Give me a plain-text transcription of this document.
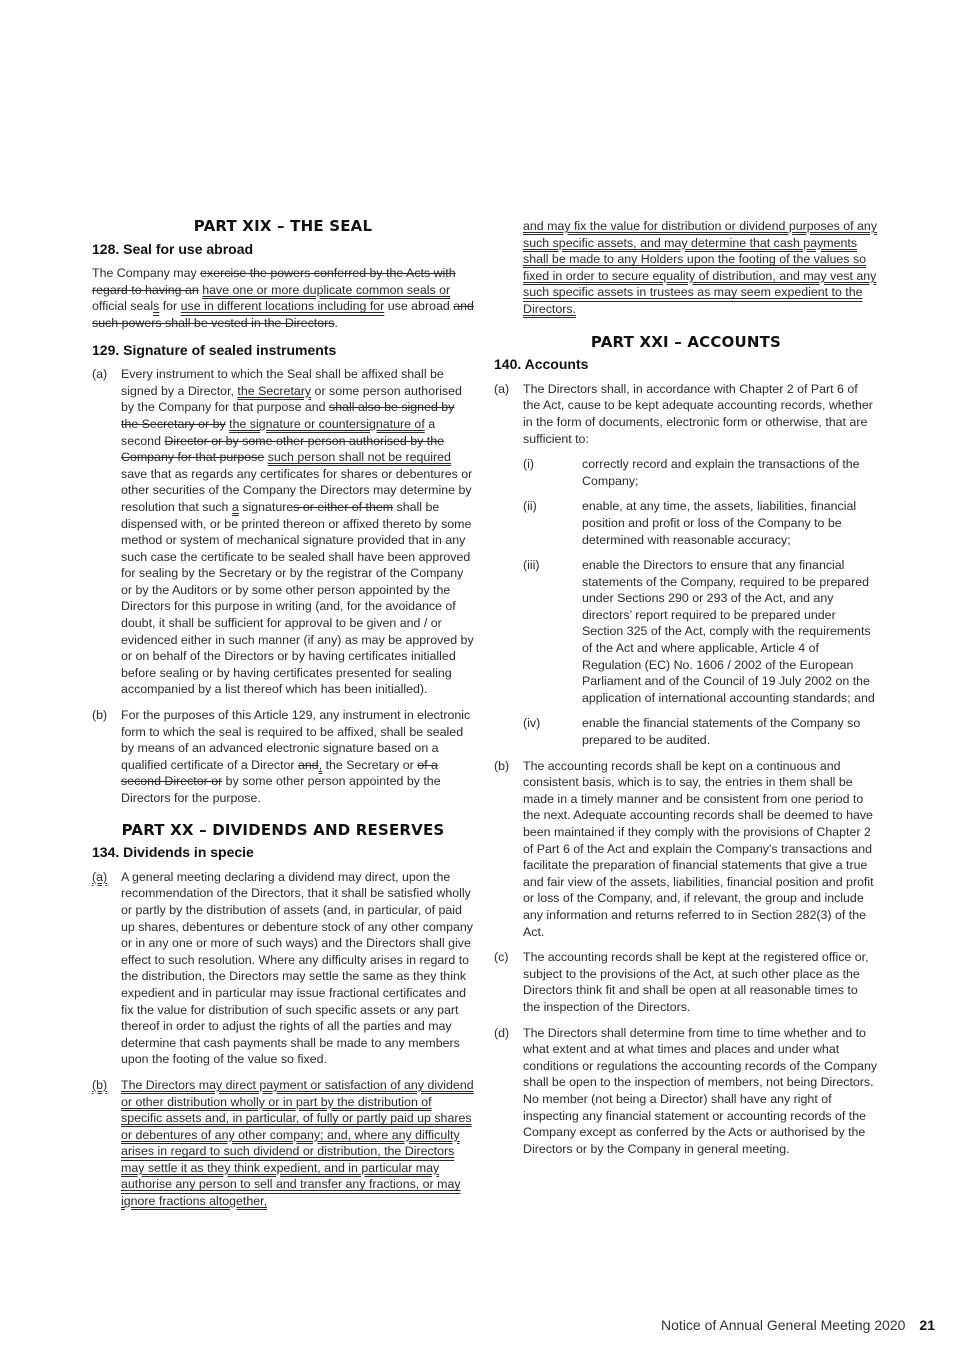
PART XIX – THE SEAL
128. Seal for use abroad

The Company may exercise the powers conferred by the Acts with regard to having an have one or more duplicate common seals or official seals for use in different locations including for use abroad and such powers shall be vested in the Directors.

129. Signature of sealed instruments
(a)	Every instrument to which the Seal shall be affixed shall be signed by a Director, the Secretary or some person authorised by the Company for that purpose and shall also be signed by the Secretary or by the signature or countersignature of a second Director or by some other person authorised by the Company for that purpose such person shall not be required save that as regards any certificates for shares or debentures or other securities of the Company the Directors may determine by resolution that such a signatures or either of them shall be dispensed with, or be printed thereon or affixed thereto by some method or system of mechanical signature provided that in any such case the certificate to be sealed shall have been approved for sealing by the Secretary or by the registrar of the Company or by the Auditors or by some other person appointed by the Directors for this purpose in writing (and, for the avoidance of doubt, it shall be sufficient for approval to be given and / or evidenced either in such manner (if any) as may be approved by or on behalf of the Directors or by having certificates initialled before sealing or by having certificates presented for sealing accompanied by a list thereof which has been initialled).
(b)	For the purposes of this Article 129, any instrument in electronic form to which the seal is required to be affixed, shall be sealed by means of an advanced electronic signature based on a qualified certificate of a Director and, the Secretary or of a second Director or by some other person appointed by the Directors for the purpose.
PART XX – DIVIDENDS AND RESERVES
134. Dividends in specie
(a)	A general meeting declaring a dividend may direct, upon the recommendation of the Directors, that it shall be satisfied wholly or partly by the distribution of assets (and, in particular, of paid up shares, debentures or debenture stock of any other company or in any one or more of such ways) and the Directors shall give effect to such resolution. Where any difficulty arises in regard to the distribution, the Directors may settle the same as they think expedient and in particular may issue fractional certificates and fix the value for distribution of such specific assets or any part thereof in order to adjust the rights of all the parties and may determine that cash payments shall be made to any members upon the footing of the value so fixed.
(b)	The Directors may direct payment or satisfaction of any dividend or other distribution wholly or in part by the distribution of specific assets and, in particular, of fully or partly paid up shares or debentures of any other company; and, where any difficulty arises in regard to such dividend or distribution, the Directors may settle it as they think expedient, and in particular may authorise any person to sell and transfer any fractions, or may ignore fractions altogether,

and may fix the value for distribution or dividend purposes of any such specific assets, and may determine that cash payments shall be made to any Holders upon the footing of the values so fixed in order to secure equality of distribution, and may vest any such specific assets in trustees as may seem expedient to the Directors.

PART XXI – ACCOUNTS
140. Accounts
(a)	The Directors shall, in accordance with Chapter 2 of Part 6 of the Act, cause to be kept adequate accounting records, whether in the form of documents, electronic form or otherwise, that are sufficient to:
(i)	correctly record and explain the transactions of the Company;
(ii)	enable, at any time, the assets, liabilities, financial position and profit or loss of the Company to be determined with reasonable accuracy;
(iii)	enable the Directors to ensure that any financial statements of the Company, required to be prepared under Sections 290 or 293 of the Act, and any directors’ report required to be prepared under Section 325 of the Act, comply with the requirements of the Act and where applicable, Article 4 of Regulation (EC) No. 1606 / 2002 of the European Parliament and of the Council of 19 July 2002 on the application of international accounting standards; and
(iv)	enable the financial statements of the Company so prepared to be audited.
(b)	The accounting records shall be kept on a continuous and consistent basis, which is to say, the entries in them shall be made in a timely manner and be consistent from one period to the next. Adequate accounting records shall be deemed to have been maintained if they comply with the provisions of Chapter 2 of Part 6 of the Act and explain the Company’s transactions and facilitate the preparation of financial statements that give a true and fair view of the assets, liabilities, financial position and profit or loss of the Company, and, if relevant, the group and include any information and returns referred to in Section 282(3) of the Act.
(c)	The accounting records shall be kept at the registered office or, subject to the provisions of the Act, at such other place as the Directors think fit and shall be open at all reasonable times to the inspection of the Directors.
(d)	The Directors shall determine from time to time whether and to what extent and at what times and places and under what conditions or regulations the accounting records of the Company shall be open to the inspection of members, not being Directors. No member (not being a Director) shall have any right of inspecting any financial statement or accounting records of the Company except as conferred by the Acts or authorised by the Directors or by the Company in general meeting.
Notice of Annual General Meeting 2020 21
